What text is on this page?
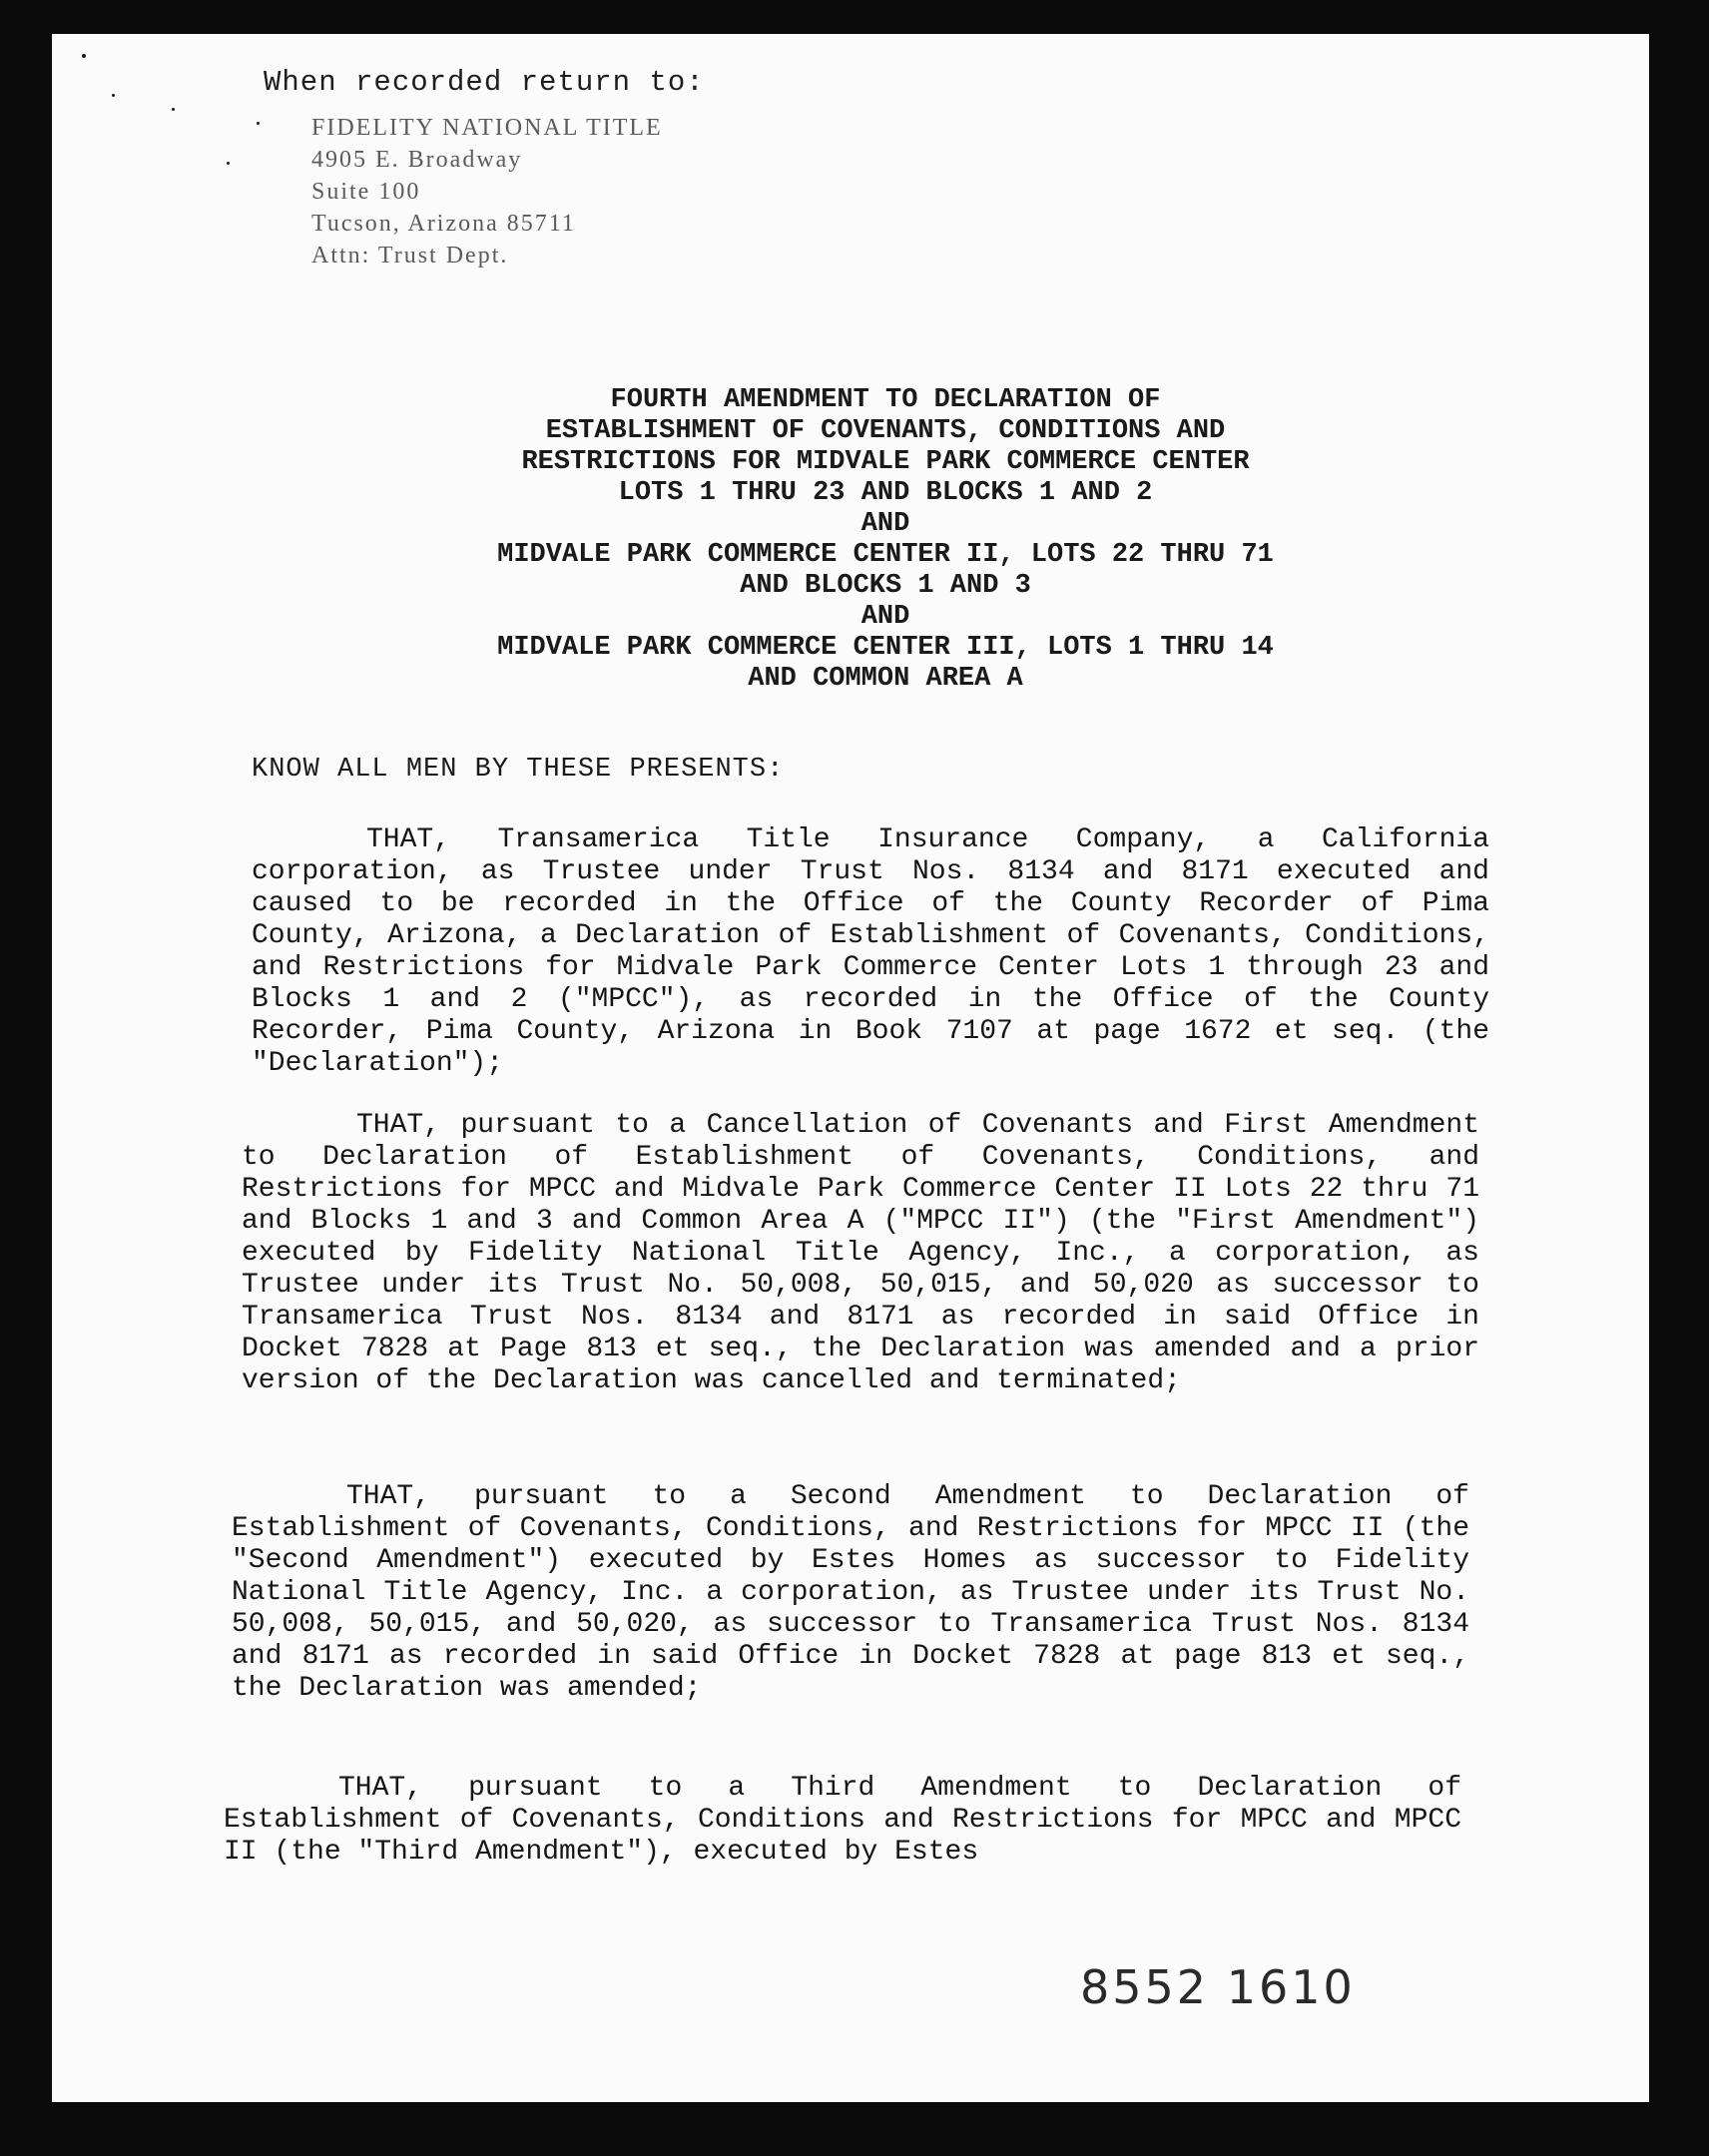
When recorded return to:
FIDELITY NATIONAL TITLE
4905 E. Broadway
Suite 100
Tucson, Arizona 85711
Attn: Trust Dept.
FOURTH AMENDMENT TO DECLARATION OF
ESTABLISHMENT OF COVENANTS, CONDITIONS AND
RESTRICTIONS FOR MIDVALE PARK COMMERCE CENTER
LOTS 1 THRU 23 AND BLOCKS 1 AND 2
AND
MIDVALE PARK COMMERCE CENTER II, LOTS 22 THRU 71
AND BLOCKS 1 AND 3
AND
MIDVALE PARK COMMERCE CENTER III, LOTS 1 THRU 14
AND COMMON AREA A
KNOW ALL MEN BY THESE PRESENTS:
THAT, Transamerica Title Insurance Company, a California corporation, as Trustee under Trust Nos. 8134 and 8171 executed and caused to be recorded in the Office of the County Recorder of Pima County, Arizona, a Declaration of Establishment of Covenants, Conditions, and Restrictions for Midvale Park Commerce Center Lots 1 through 23 and Blocks 1 and 2 ("MPCC"), as recorded in the Office of the County Recorder, Pima County, Arizona in Book 7107 at page 1672 et seq. (the "Declaration");
THAT, pursuant to a Cancellation of Covenants and First Amendment to Declaration of Establishment of Covenants, Conditions, and Restrictions for MPCC and Midvale Park Commerce Center II Lots 22 thru 71 and Blocks 1 and 3 and Common Area A ("MPCC II") (the "First Amendment") executed by Fidelity National Title Agency, Inc., a corporation, as Trustee under its Trust No. 50,008, 50,015, and 50,020 as successor to Transamerica Trust Nos. 8134 and 8171 as recorded in said Office in Docket 7828 at Page 813 et seq., the Declaration was amended and a prior version of the Declaration was cancelled and terminated;
THAT, pursuant to a Second Amendment to Declaration of Establishment of Covenants, Conditions, and Restrictions for MPCC II (the "Second Amendment") executed by Estes Homes as successor to Fidelity National Title Agency, Inc. a corporation, as Trustee under its Trust No. 50,008, 50,015, and 50,020, as successor to Transamerica Trust Nos. 8134 and 8171 as recorded in said Office in Docket 7828 at page 813 et seq., the Declaration was amended;
THAT, pursuant to a Third Amendment to Declaration of Establishment of Covenants, Conditions and Restrictions for MPCC and MPCC II (the "Third Amendment"), executed by Estes
8552 1610
